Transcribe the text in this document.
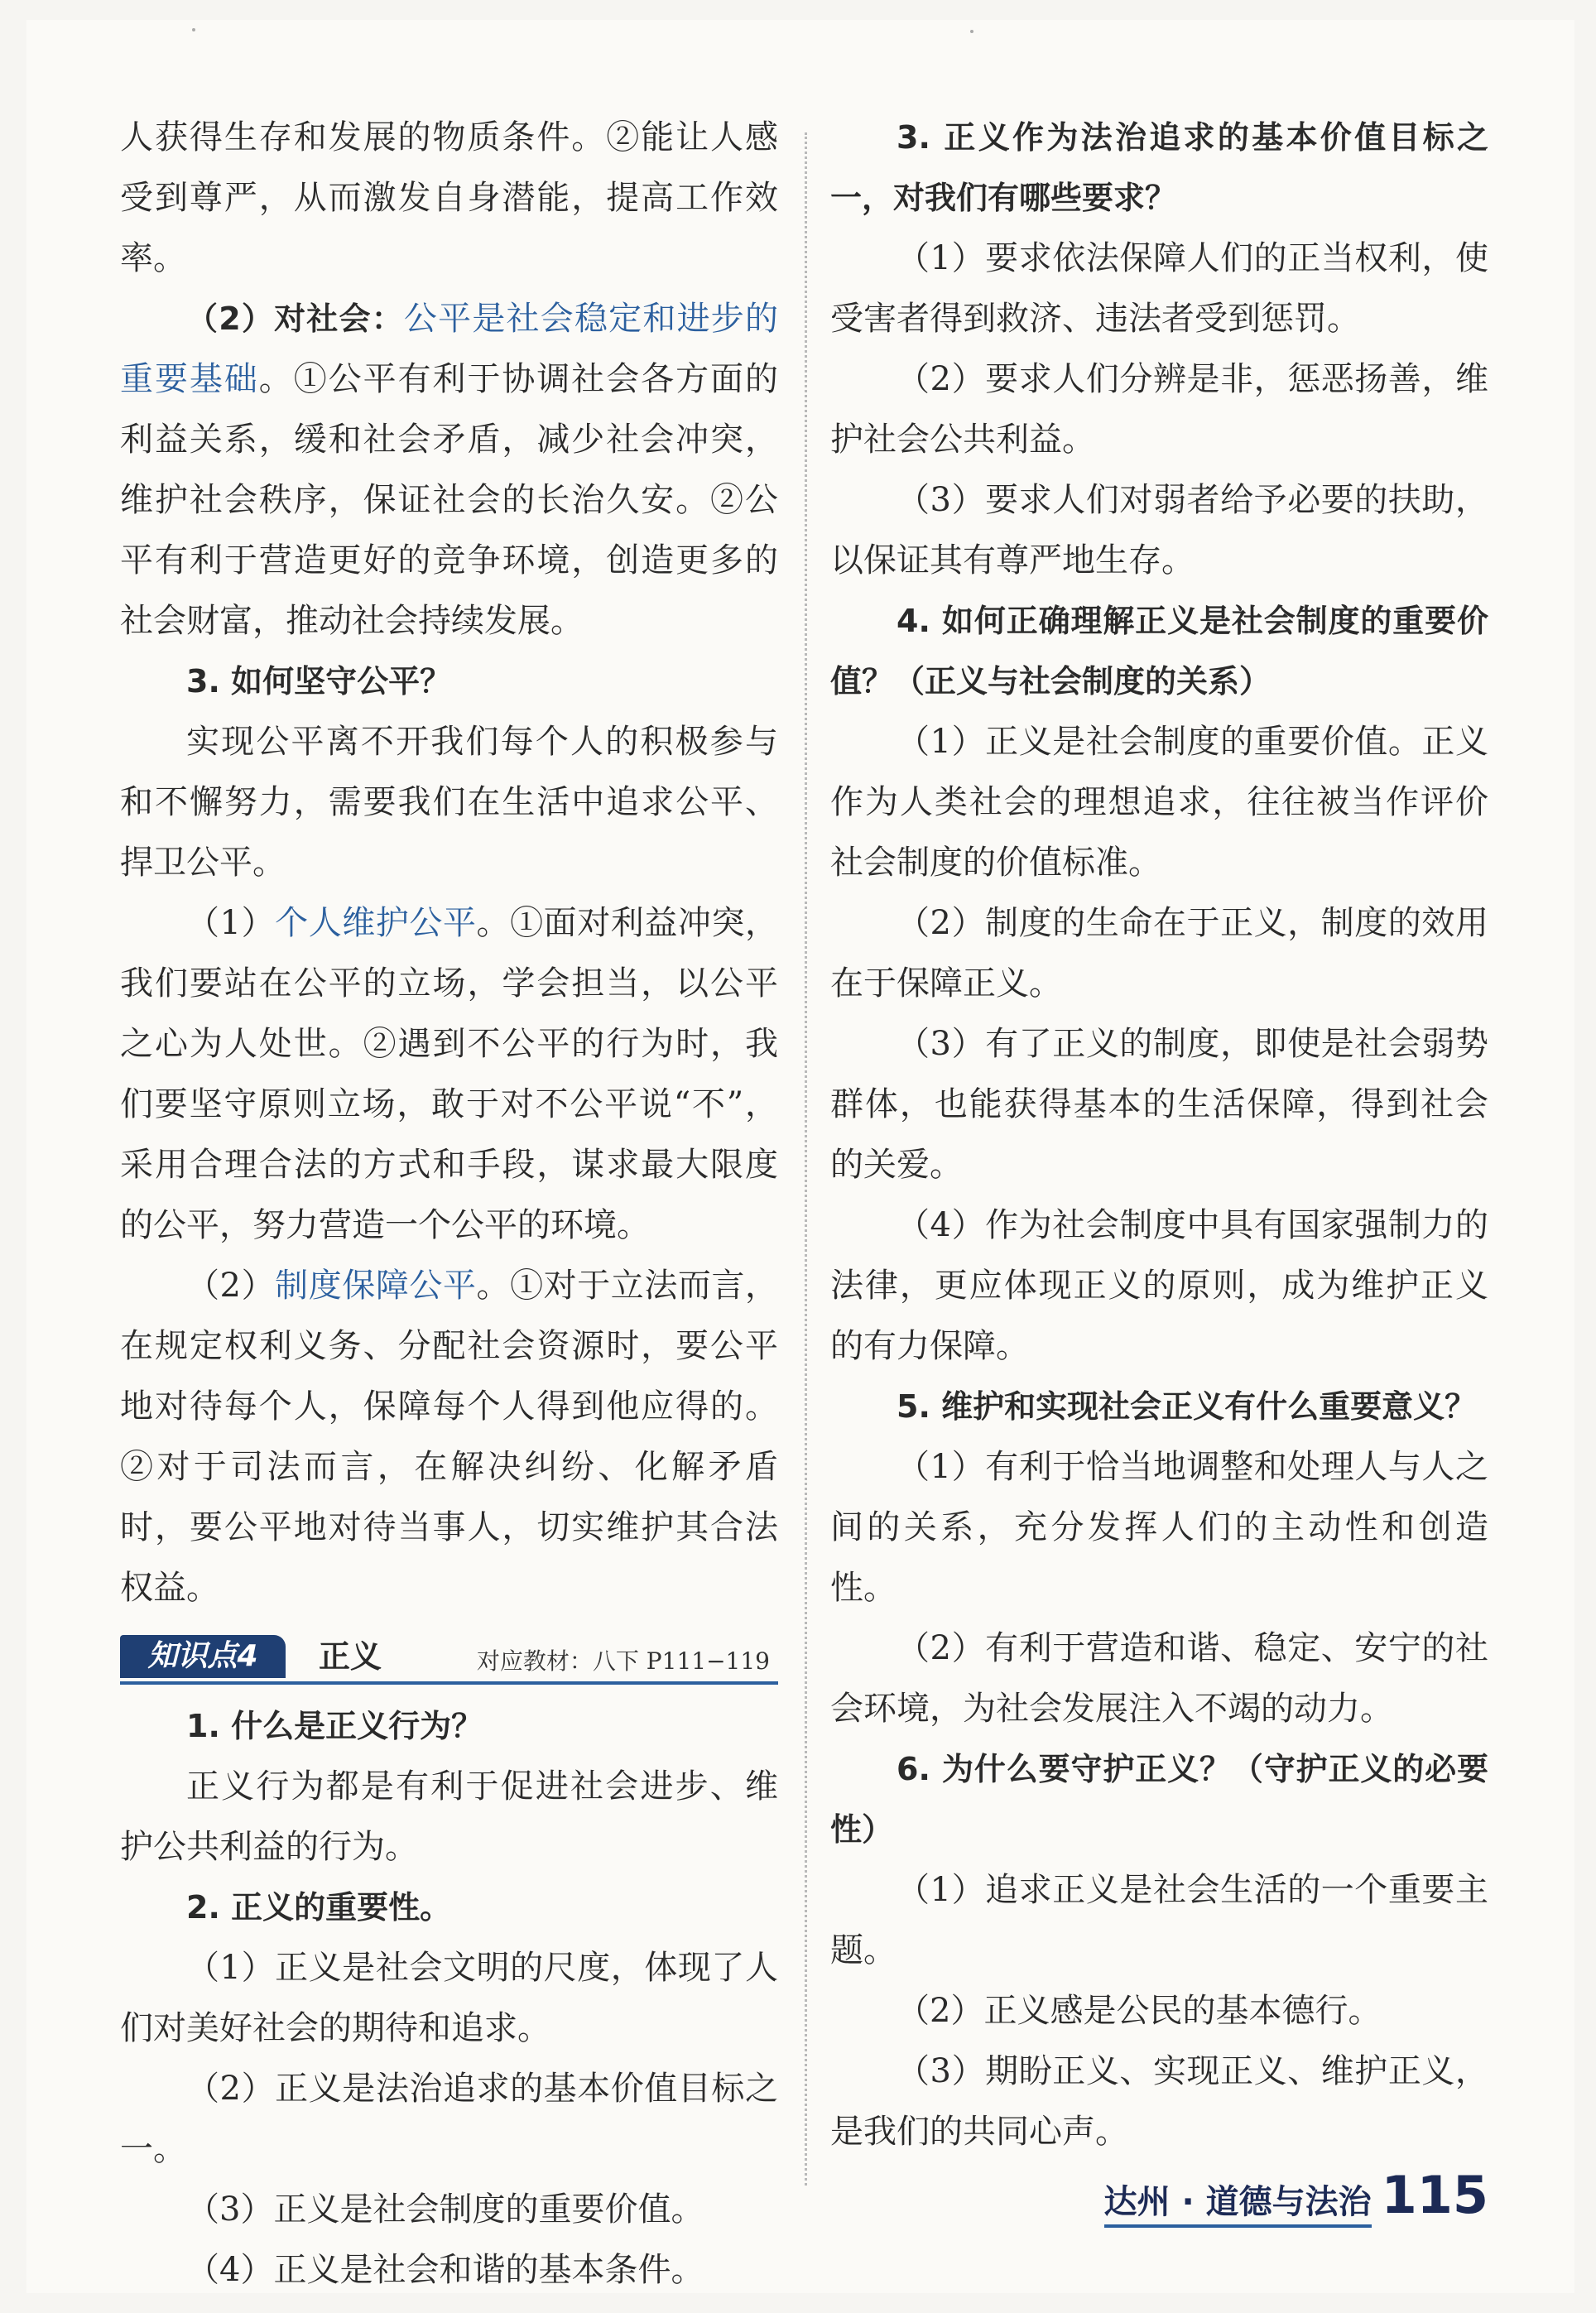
人获得生存和发展的物质条件。②能让人感受到尊严，从而激发自身潜能，提高工作效率。

（2）对社会：公平是社会稳定和进步的重要基础。①公平有利于协调社会各方面的利益关系，缓和社会矛盾，减少社会冲突，维护社会秩序，保证社会的长治久安。②公平有利于营造更好的竞争环境，创造更多的社会财富，推动社会持续发展。

3. 如何坚守公平？

实现公平离不开我们每个人的积极参与和不懈努力，需要我们在生活中追求公平、捍卫公平。

（1）个人维护公平。①面对利益冲突，我们要站在公平的立场，学会担当，以公平之心为人处世。②遇到不公平的行为时，我们要坚守原则立场，敢于对不公平说“不”，采用合理合法的方式和手段，谋求最大限度的公平，努力营造一个公平的环境。

（2）制度保障公平。①对于立法而言，在规定权利义务、分配社会资源时，要公平地对待每个人，保障每个人得到他应得的。②对于司法而言，在解决纠纷、化解矛盾时，要公平地对待当事人，切实维护其合法权益。

知识点4	正义	对应教材：八下 P111−119

1. 什么是正义行为？

正义行为都是有利于促进社会进步、维护公共利益的行为。

2. 正义的重要性。

（1）正义是社会文明的尺度，体现了人们对美好社会的期待和追求。

（2）正义是法治追求的基本价值目标之一。

（3）正义是社会制度的重要价值。

（4）正义是社会和谐的基本条件。

3. 正义作为法治追求的基本价值目标之一，对我们有哪些要求？

（1）要求依法保障人们的正当权利，使受害者得到救济、违法者受到惩罚。

（2）要求人们分辨是非，惩恶扬善，维护社会公共利益。

（3）要求人们对弱者给予必要的扶助，以保证其有尊严地生存。

4. 如何正确理解正义是社会制度的重要价值？（正义与社会制度的关系）

（1）正义是社会制度的重要价值。正义作为人类社会的理想追求，往往被当作评价社会制度的价值标准。

（2）制度的生命在于正义，制度的效用在于保障正义。

（3）有了正义的制度，即使是社会弱势群体，也能获得基本的生活保障，得到社会的关爱。

（4）作为社会制度中具有国家强制力的法律，更应体现正义的原则，成为维护正义的有力保障。

5. 维护和实现社会正义有什么重要意义？

（1）有利于恰当地调整和处理人与人之间的关系，充分发挥人们的主动性和创造性。

（2）有利于营造和谐、稳定、安宁的社会环境，为社会发展注入不竭的动力。

6. 为什么要守护正义？（守护正义的必要性）

（1）追求正义是社会生活的一个重要主题。

（2）正义感是公民的基本德行。

（3）期盼正义、实现正义、维护正义，是我们的共同心声。

达州 · 道德与法治 115
